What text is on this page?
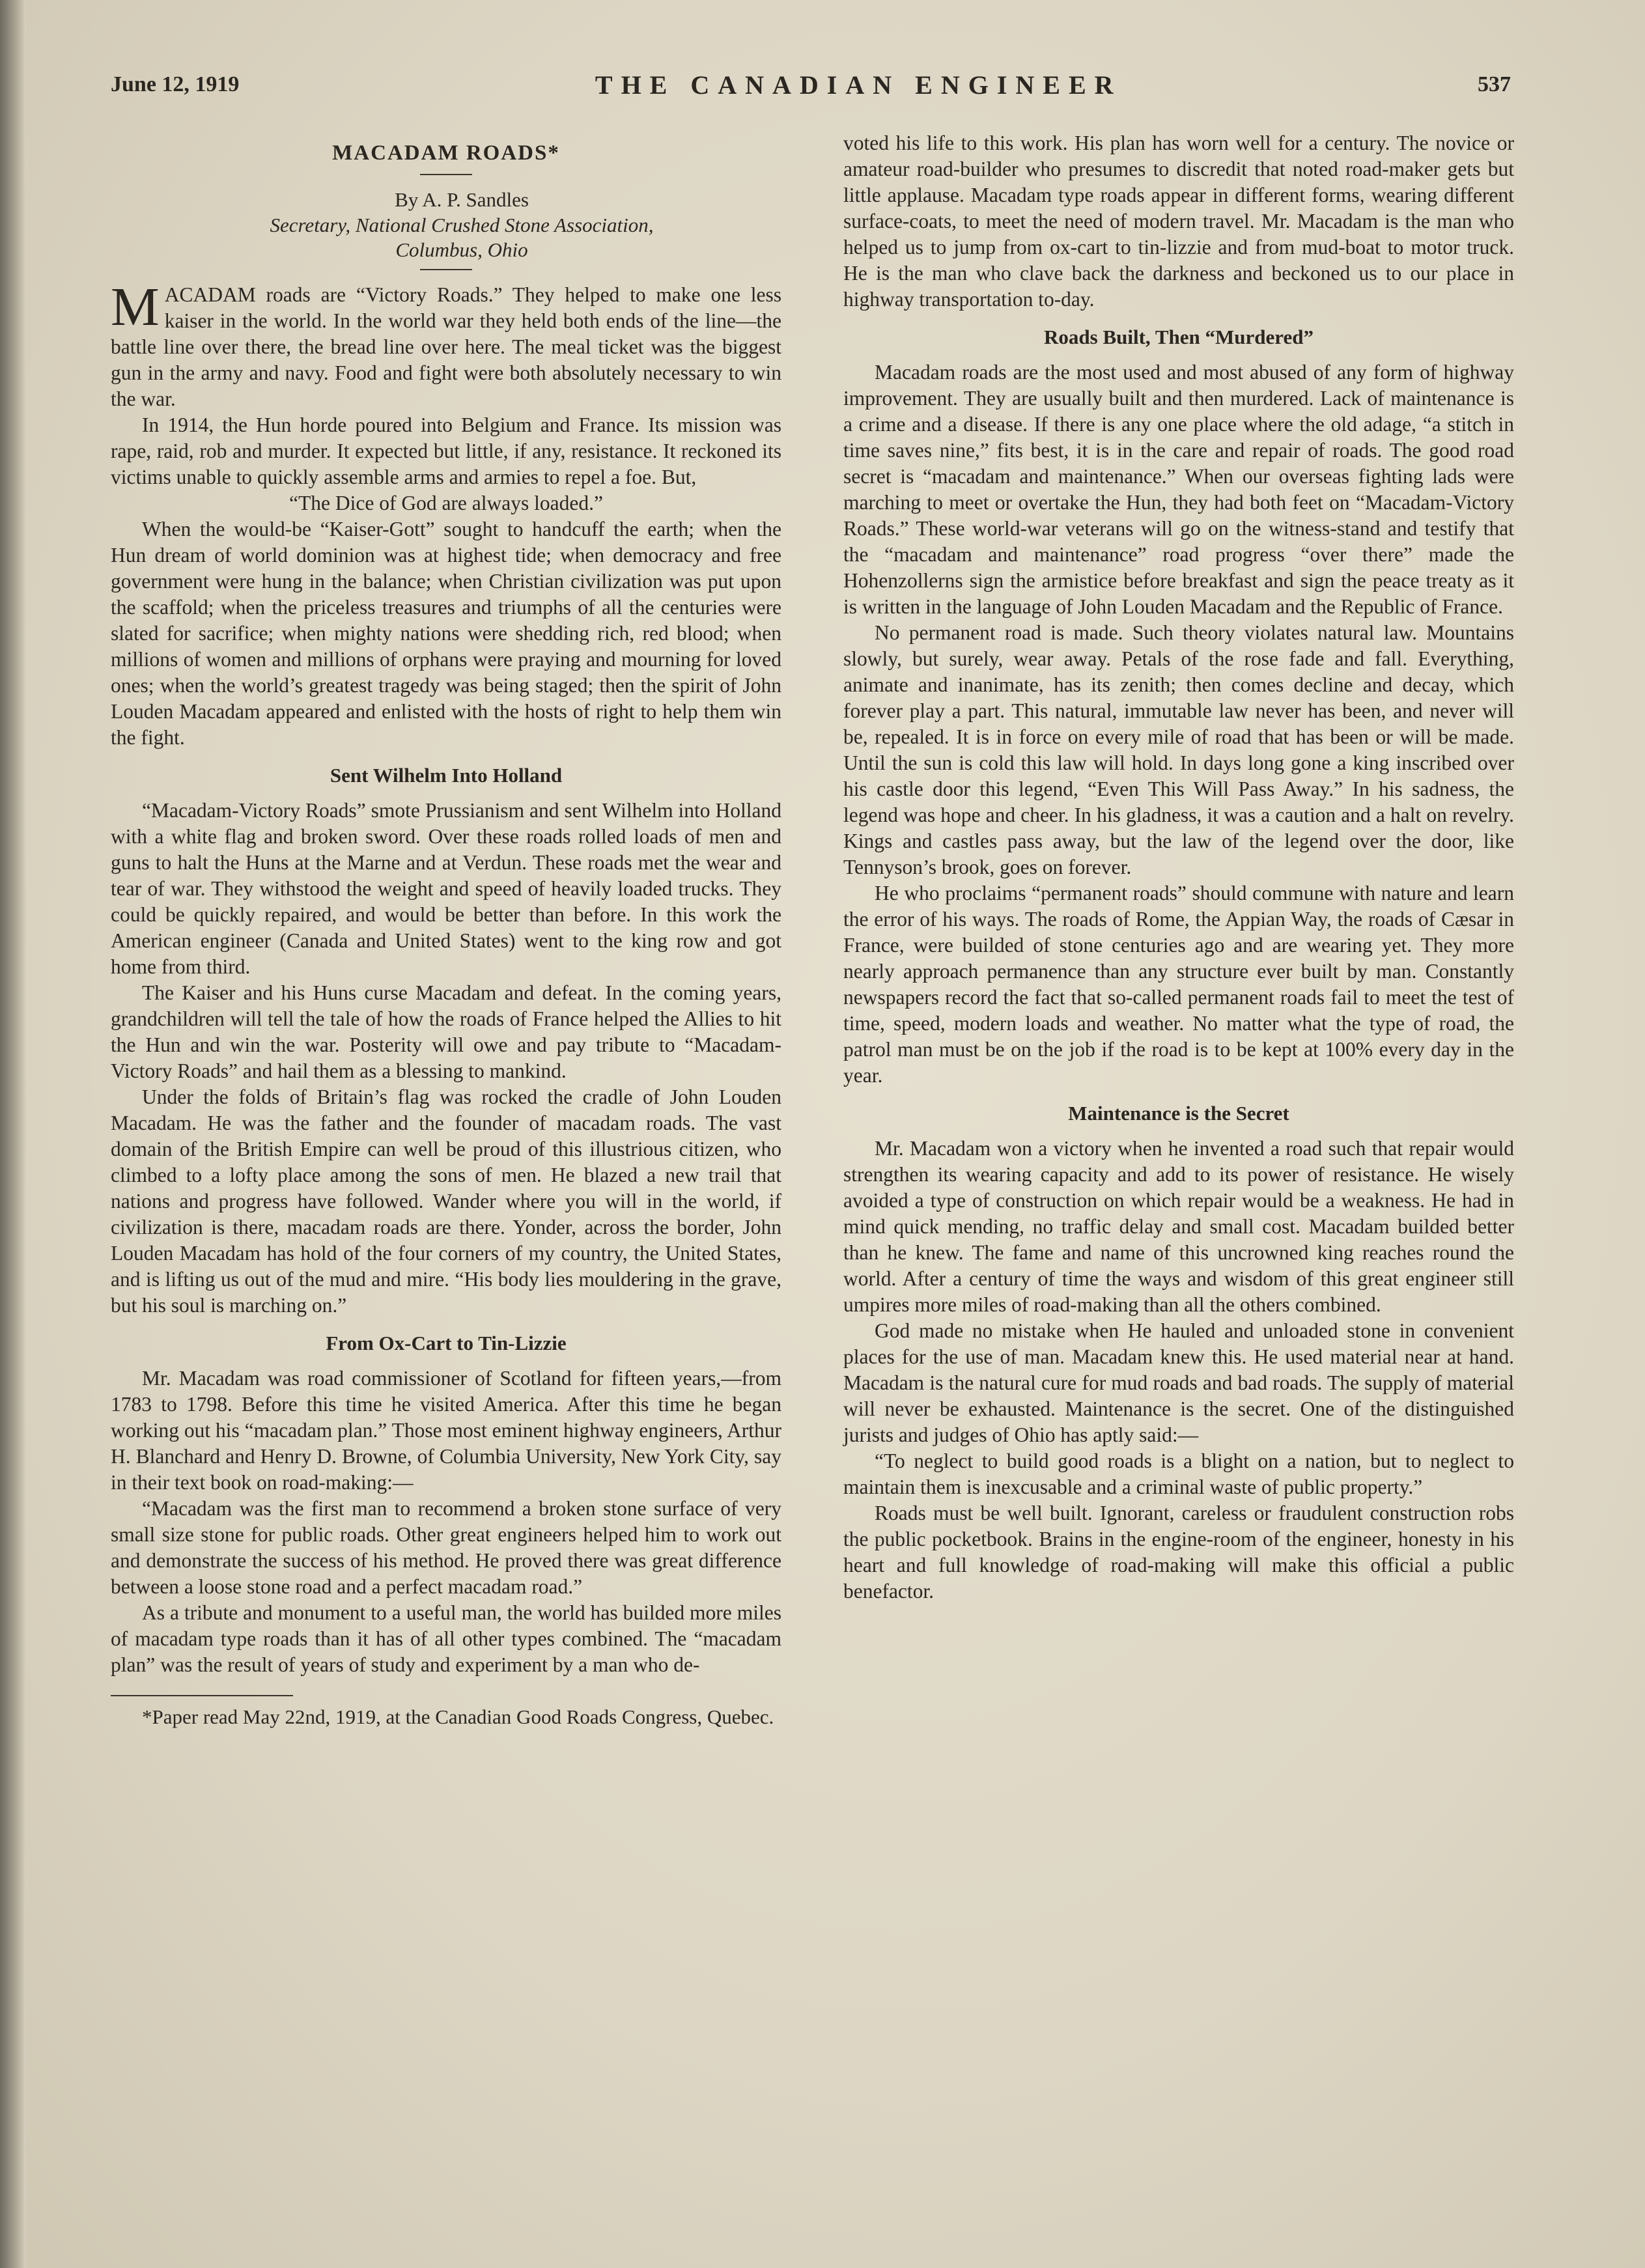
June 12, 1919	THE CANADIAN ENGINEER	537
MACADAM ROADS*

By A. P. Sandles

Secretary, National Crushed Stone Association,

Columbus, Ohio

MACADAM roads are “Victory Roads.” They helped to make one less kaiser in the world. In the world war they held both ends of the line—the battle line over there, the bread line over here. The meal ticket was the biggest gun in the army and navy. Food and fight were both absolutely necessary to win the war.

In 1914, the Hun horde poured into Belgium and France. Its mission was rape, raid, rob and murder. It expected but little, if any, resistance. It reckoned its victims unable to quickly assemble arms and armies to repel a foe. But,

“The Dice of God are always loaded.”

When the would-be “Kaiser-Gott” sought to handcuff the earth; when the Hun dream of world dominion was at highest tide; when democracy and free government were hung in the balance; when Christian civilization was put upon the scaffold; when the priceless treasures and triumphs of all the centuries were slated for sacrifice; when mighty nations were shedding rich, red blood; when millions of women and millions of orphans were praying and mourning for loved ones; when the world’s greatest tragedy was being staged; then the spirit of John Louden Macadam appeared and enlisted with the hosts of right to help them win the fight.

Sent Wilhelm Into Holland

“Macadam-Victory Roads” smote Prussianism and sent Wilhelm into Holland with a white flag and broken sword. Over these roads rolled loads of men and guns to halt the Huns at the Marne and at Verdun. These roads met the wear and tear of war. They withstood the weight and speed of heavily loaded trucks. They could be quickly repaired, and would be better than before. In this work the American engineer (Canada and United States) went to the king row and got home from third.

The Kaiser and his Huns curse Macadam and defeat. In the coming years, grandchildren will tell the tale of how the roads of France helped the Allies to hit the Hun and win the war. Posterity will owe and pay tribute to “Macadam-Victory Roads” and hail them as a blessing to mankind.

Under the folds of Britain’s flag was rocked the cradle of John Louden Macadam. He was the father and the founder of macadam roads. The vast domain of the British Empire can well be proud of this illustrious citizen, who climbed to a lofty place among the sons of men. He blazed a new trail that nations and progress have followed. Wander where you will in the world, if civilization is there, macadam roads are there. Yonder, across the border, John Louden Macadam has hold of the four corners of my country, the United States, and is lifting us out of the mud and mire. “His body lies mouldering in the grave, but his soul is marching on.”

From Ox-Cart to Tin-Lizzie

Mr. Macadam was road commissioner of Scotland for fifteen years,—from 1783 to 1798. Before this time he visited America. After this time he began working out his “macadam plan.” Those most eminent highway engineers, Arthur H. Blanchard and Henry D. Browne, of Columbia University, New York City, say in their text book on road-making:—

“Macadam was the first man to recommend a broken stone surface of very small size stone for public roads. Other great engineers helped him to work out and demonstrate the success of his method. He proved there was great difference between a loose stone road and a perfect macadam road.”

As a tribute and monument to a useful man, the world has builded more miles of macadam type roads than it has of all other types combined. The “macadam plan” was the result of years of study and experiment by a man who de-

*Paper read May 22nd, 1919, at the Canadian Good Roads Congress, Quebec.

voted his life to this work. His plan has worn well for a century. The novice or amateur road-builder who presumes to discredit that noted road-maker gets but little applause. Macadam type roads appear in different forms, wearing different surface-coats, to meet the need of modern travel. Mr. Macadam is the man who helped us to jump from ox-cart to tin-lizzie and from mud-boat to motor truck. He is the man who clave back the darkness and beckoned us to our place in highway transportation to-day.

Roads Built, Then “Murdered”

Macadam roads are the most used and most abused of any form of highway improvement. They are usually built and then murdered. Lack of maintenance is a crime and a disease. If there is any one place where the old adage, “a stitch in time saves nine,” fits best, it is in the care and repair of roads. The good road secret is “macadam and maintenance.” When our overseas fighting lads were marching to meet or overtake the Hun, they had both feet on “Macadam-Victory Roads.” These world-war veterans will go on the witness-stand and testify that the “macadam and maintenance” road progress “over there” made the Hohenzollerns sign the armistice before breakfast and sign the peace treaty as it is written in the language of John Louden Macadam and the Republic of France.

No permanent road is made. Such theory violates natural law. Mountains slowly, but surely, wear away. Petals of the rose fade and fall. Everything, animate and inanimate, has its zenith; then comes decline and decay, which forever play a part. This natural, immutable law never has been, and never will be, repealed. It is in force on every mile of road that has been or will be made. Until the sun is cold this law will hold. In days long gone a king inscribed over his castle door this legend, “Even This Will Pass Away.” In his sadness, the legend was hope and cheer. In his gladness, it was a caution and a halt on revelry. Kings and castles pass away, but the law of the legend over the door, like Tennyson’s brook, goes on forever.

He who proclaims “permanent roads” should commune with nature and learn the error of his ways. The roads of Rome, the Appian Way, the roads of Cæsar in France, were builded of stone centuries ago and are wearing yet. They more nearly approach permanence than any structure ever built by man. Constantly newspapers record the fact that so-called permanent roads fail to meet the test of time, speed, modern loads and weather. No matter what the type of road, the patrol man must be on the job if the road is to be kept at 100% every day in the year.

Maintenance is the Secret

Mr. Macadam won a victory when he invented a road such that repair would strengthen its wearing capacity and add to its power of resistance. He wisely avoided a type of construction on which repair would be a weakness. He had in mind quick mending, no traffic delay and small cost. Macadam builded better than he knew. The fame and name of this uncrowned king reaches round the world. After a century of time the ways and wisdom of this great engineer still umpires more miles of road-making than all the others combined.

God made no mistake when He hauled and unloaded stone in convenient places for the use of man. Macadam knew this. He used material near at hand. Macadam is the natural cure for mud roads and bad roads. The supply of material will never be exhausted. Maintenance is the secret. One of the distinguished jurists and judges of Ohio has aptly said:—

“To neglect to build good roads is a blight on a nation, but to neglect to maintain them is inexcusable and a criminal waste of public property.”

Roads must be well built. Ignorant, careless or fraudulent construction robs the public pocketbook. Brains in the engine-room of the engineer, honesty in his heart and full knowledge of road-making will make this official a public benefactor.
